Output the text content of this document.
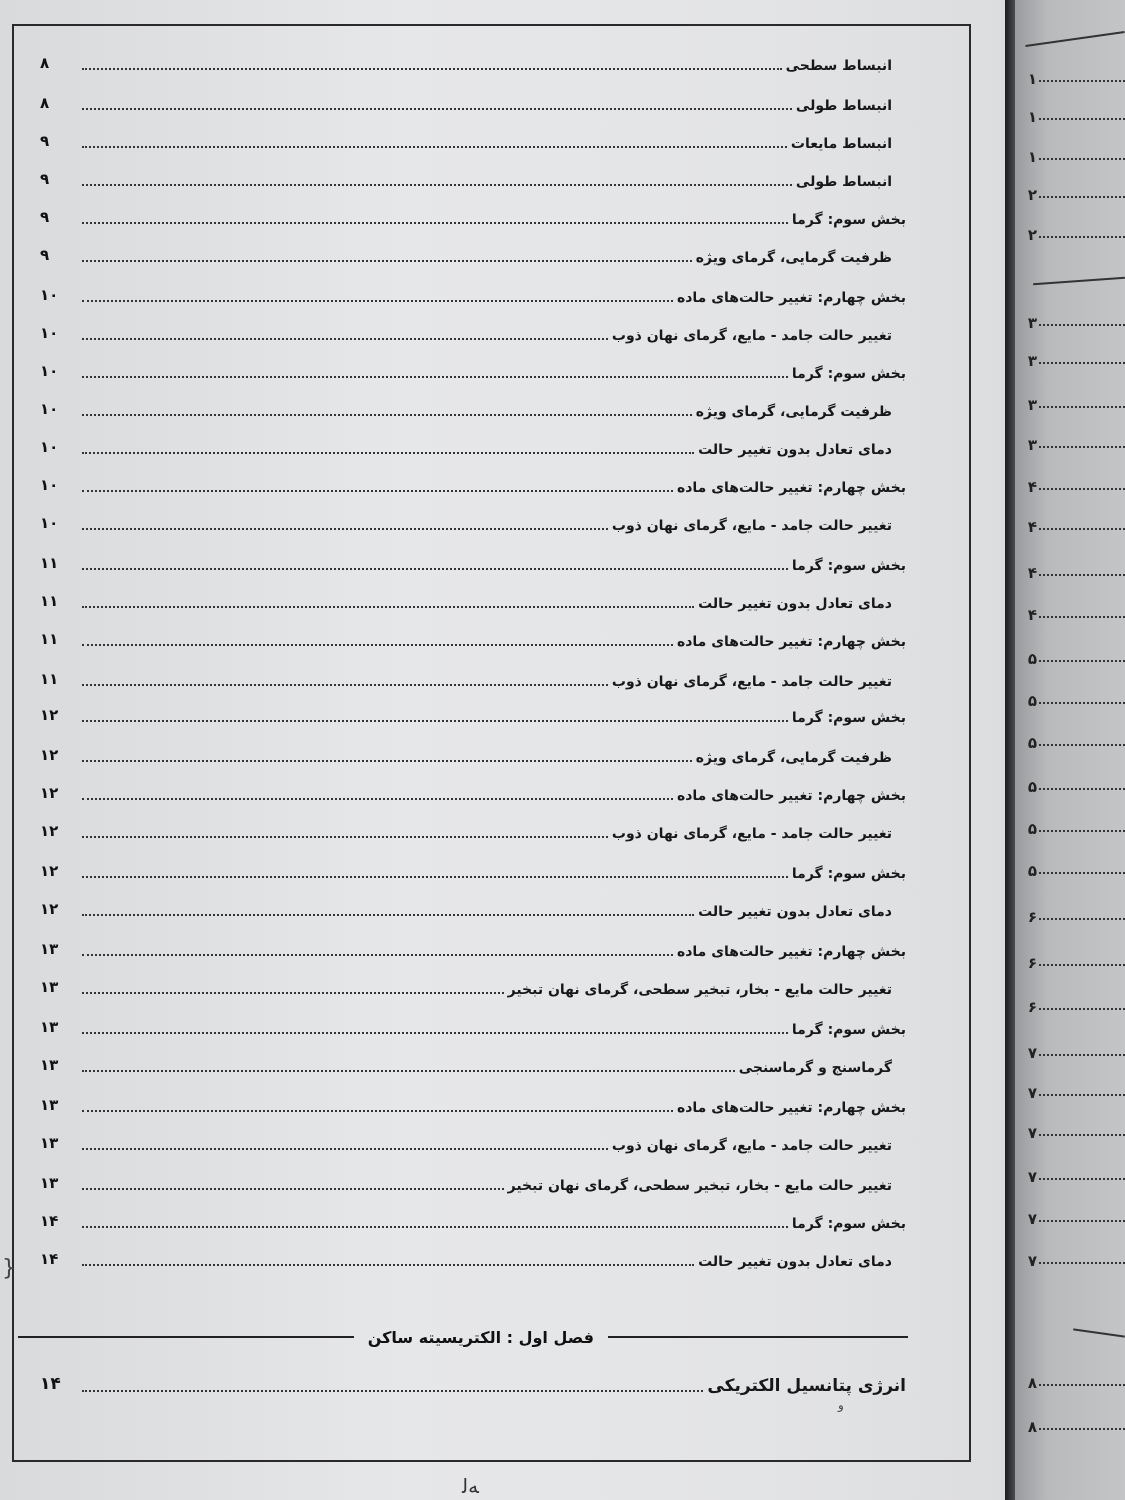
انبساط سطحی
۸
انبساط طولی
۸
انبساط مایعات
۹
انبساط طولی
۹
بخش سوم: گرما
۹
ظرفیت گرمایی، گرمای ویژه
۹
بخش چهارم: تغییر حالت‌های ماده
۱۰
تغییر حالت جامد - مایع، گرمای نهان ذوب
۱۰
بخش سوم: گرما
۱۰
ظرفیت گرمایی، گرمای ویژه
۱۰
دمای تعادل بدون تغییر حالت
۱۰
بخش چهارم: تغییر حالت‌های ماده
۱۰
تغییر حالت جامد - مایع، گرمای نهان ذوب
۱۰
بخش سوم: گرما
۱۱
دمای تعادل بدون تغییر حالت
۱۱
بخش چهارم: تغییر حالت‌های ماده
۱۱
تغییر حالت جامد - مایع، گرمای نهان ذوب
۱۱
بخش سوم: گرما
۱۲
ظرفیت گرمایی، گرمای ویژه
۱۲
بخش چهارم: تغییر حالت‌های ماده
۱۲
تغییر حالت جامد - مایع، گرمای نهان ذوب
۱۲
بخش سوم: گرما
۱۲
دمای تعادل بدون تغییر حالت
۱۲
بخش چهارم: تغییر حالت‌های ماده
۱۳
تغییر حالت مایع - بخار، تبخیر سطحی، گرمای نهان تبخیر
۱۳
بخش سوم: گرما
۱۳
گرماسنج و گرماسنجی
۱۳
بخش چهارم: تغییر حالت‌های ماده
۱۳
تغییر حالت جامد - مایع، گرمای نهان ذوب
۱۳
تغییر حالت مایع - بخار، تبخیر سطحی، گرمای نهان تبخیر
۱۳
بخش سوم: گرما
۱۴
دمای تعادل بدون تغییر حالت
۱۴
فصل اول : الکتریسیته ساکن
انرژی پتانسیل الکتریکی
۱۴
ﻭ
}
ﻪﻟ
۱
۱
۱
۲
۲
۳
۳
۳
۳
۴
۴
۴
۴
۵
۵
۵
۵
۵
۵
۶
۶
۶
۷
۷
۷
۷
۷
۷
۸
۸
